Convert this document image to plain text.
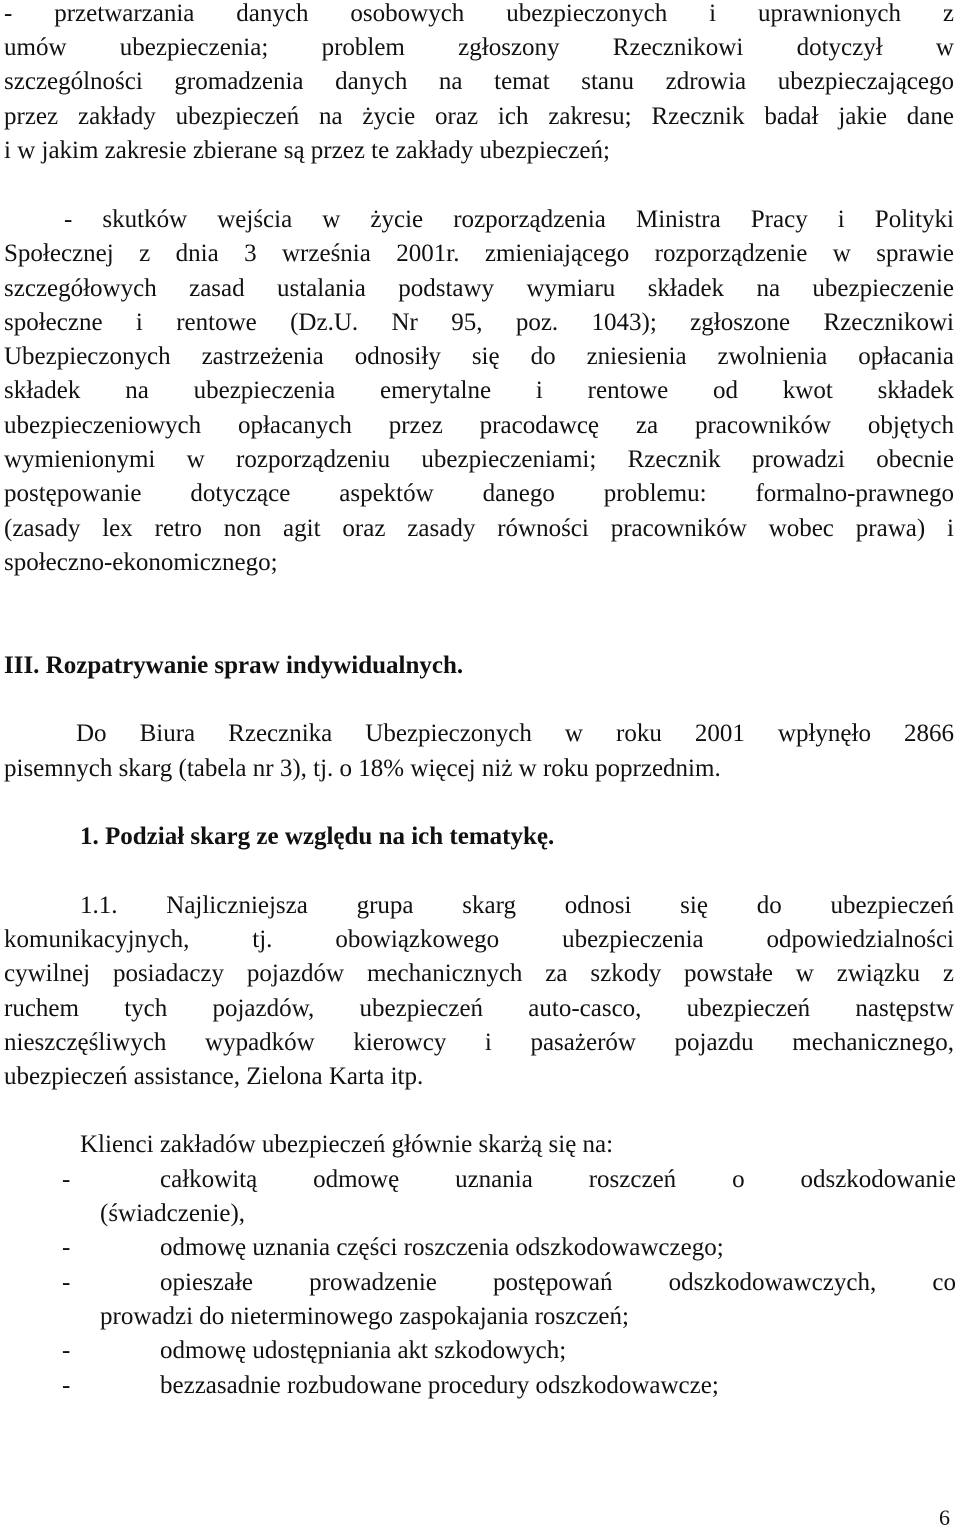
- przetwarzania danych osobowych ubezpieczonych i uprawnionych z
umów ubezpieczenia; problem zgłoszony Rzecznikowi dotyczył w
szczególności gromadzenia danych na temat stanu zdrowia ubezpieczającego
przez zakłady ubezpieczeń na życie oraz ich zakresu; Rzecznik badał jakie dane
i w jakim zakresie zbierane są przez te zakłady ubezpieczeń;
- skutków wejścia w życie rozporządzenia Ministra Pracy i Polityki
Społecznej z dnia 3 września 2001r. zmieniającego rozporządzenie w sprawie
szczegółowych zasad ustalania podstawy wymiaru składek na ubezpieczenie
społeczne i rentowe (Dz.U. Nr 95, poz. 1043); zgłoszone Rzecznikowi
Ubezpieczonych zastrzeżenia odnosiły się do zniesienia zwolnienia opłacania
składek na ubezpieczenia emerytalne i rentowe od kwot składek
ubezpieczeniowych opłacanych przez pracodawcę za pracowników objętych
wymienionymi w rozporządzeniu ubezpieczeniami; Rzecznik prowadzi obecnie
postępowanie dotyczące aspektów danego problemu: formalno-prawnego
(zasady lex retro non agit oraz zasady równości pracowników wobec prawa) i
społeczno-ekonomicznego;
III. Rozpatrywanie spraw indywidualnych.
Do Biura Rzecznika Ubezpieczonych w roku 2001 wpłynęło 2866
pisemnych skarg (tabela nr 3), tj. o 18% więcej niż w roku poprzednim.
1. Podział skarg ze względu na ich tematykę.
1.1. Najliczniejsza grupa skarg odnosi się do ubezpieczeń
komunikacyjnych, tj. obowiązkowego ubezpieczenia odpowiedzialności
cywilnej posiadaczy pojazdów mechanicznych za szkody powstałe w związku z
ruchem tych pojazdów, ubezpieczeń auto-casco, ubezpieczeń następstw
nieszczęśliwych wypadków kierowcy i pasażerów pojazdu mechanicznego,
ubezpieczeń assistance, Zielona Karta itp.
Klienci zakładów ubezpieczeń głównie skarżą się na:
-	całkowitą odmowę uznania roszczeń o odszkodowanie
(świadczenie),
-	odmowę uznania części roszczenia odszkodowawczego;
-	opieszałe prowadzenie postępowań odszkodowawczych, co
prowadzi do nieterminowego zaspokajania roszczeń;
-	odmowę udostępniania akt szkodowych;
-	bezzasadnie rozbudowane procedury odszkodowawcze;
6
